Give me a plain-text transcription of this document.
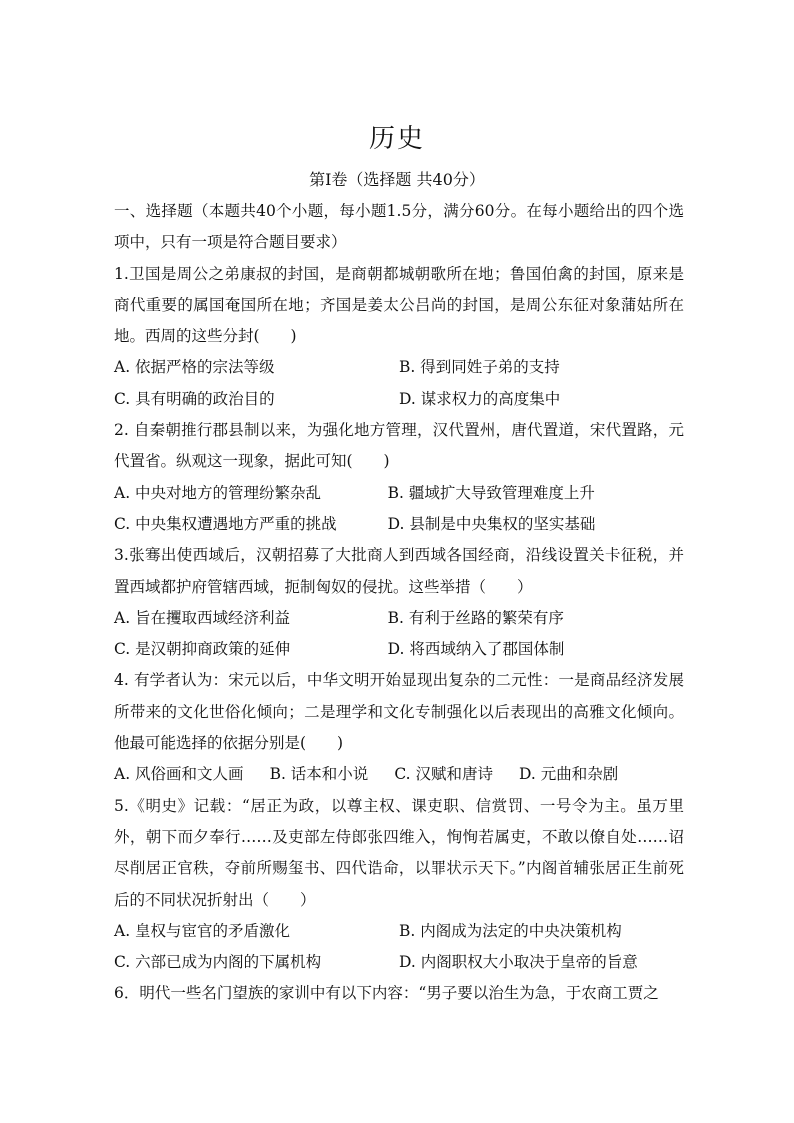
历史
第Ⅰ卷（选择题 共40分）

一、选择题（本题共40个小题，每小题1.5分，满分60分。在每小题给出的四个选项中，只有一项是符合题目要求）

1.卫国是周公之弟康叔的封国，是商朝都城朝歌所在地；鲁国伯禽的封国，原来是商代重要的属国奄国所在地；齐国是姜太公吕尚的封国，是周公东征对象蒲姑所在地。西周的这些分封(　　)

A. 依据严格的宗法等级	B. 得到同姓子弟的支持
C. 具有明确的政治目的	D. 谋求权力的高度集中

2. 自秦朝推行郡县制以来，为强化地方管理，汉代置州，唐代置道，宋代置路，元代置省。纵观这一现象，据此可知(　　)

A. 中央对地方的管理纷繁杂乱	B. 疆域扩大导致管理难度上升
C. 中央集权遭遇地方严重的挑战	D. 县制是中央集权的坚实基础

3.张骞出使西域后，汉朝招募了大批商人到西域各国经商，沿线设置关卡征税，并置西域都护府管辖西域，扼制匈奴的侵扰。这些举措（　　）

A. 旨在攫取西域经济利益	B. 有利于丝路的繁荣有序
C. 是汉朝抑商政策的延伸	D. 将西域纳入了郡国体制

4. 有学者认为：宋元以后，中华文明开始显现出复杂的二元性：一是商品经济发展所带来的文化世俗化倾向；二是理学和文化专制强化以后表现出的高雅文化倾向。他最可能选择的依据分别是(　　)

A. 风俗画和文人画 B. 话本和小说 C. 汉赋和唐诗 D. 元曲和杂剧

5.《明史》记载：“居正为政，以尊主权、课吏职、信赏罚、一号令为主。虽万里外，朝下而夕奉行……及吏部左侍郎张四维入，恂恂若属吏，不敢以僚自处……诏尽削居正官秩，夺前所赐玺书、四代诰命，以罪状示天下。”内阁首辅张居正生前死后的不同状况折射出（　　）

A. 皇权与宦官的矛盾激化	B. 内阁成为法定的中央决策机构
C. 六部已成为内阁的下属机构	D. 内阁职权大小取决于皇帝的旨意

6．明代一些名门望族的家训中有以下内容：“男子要以治生为急，于农商工贾之
